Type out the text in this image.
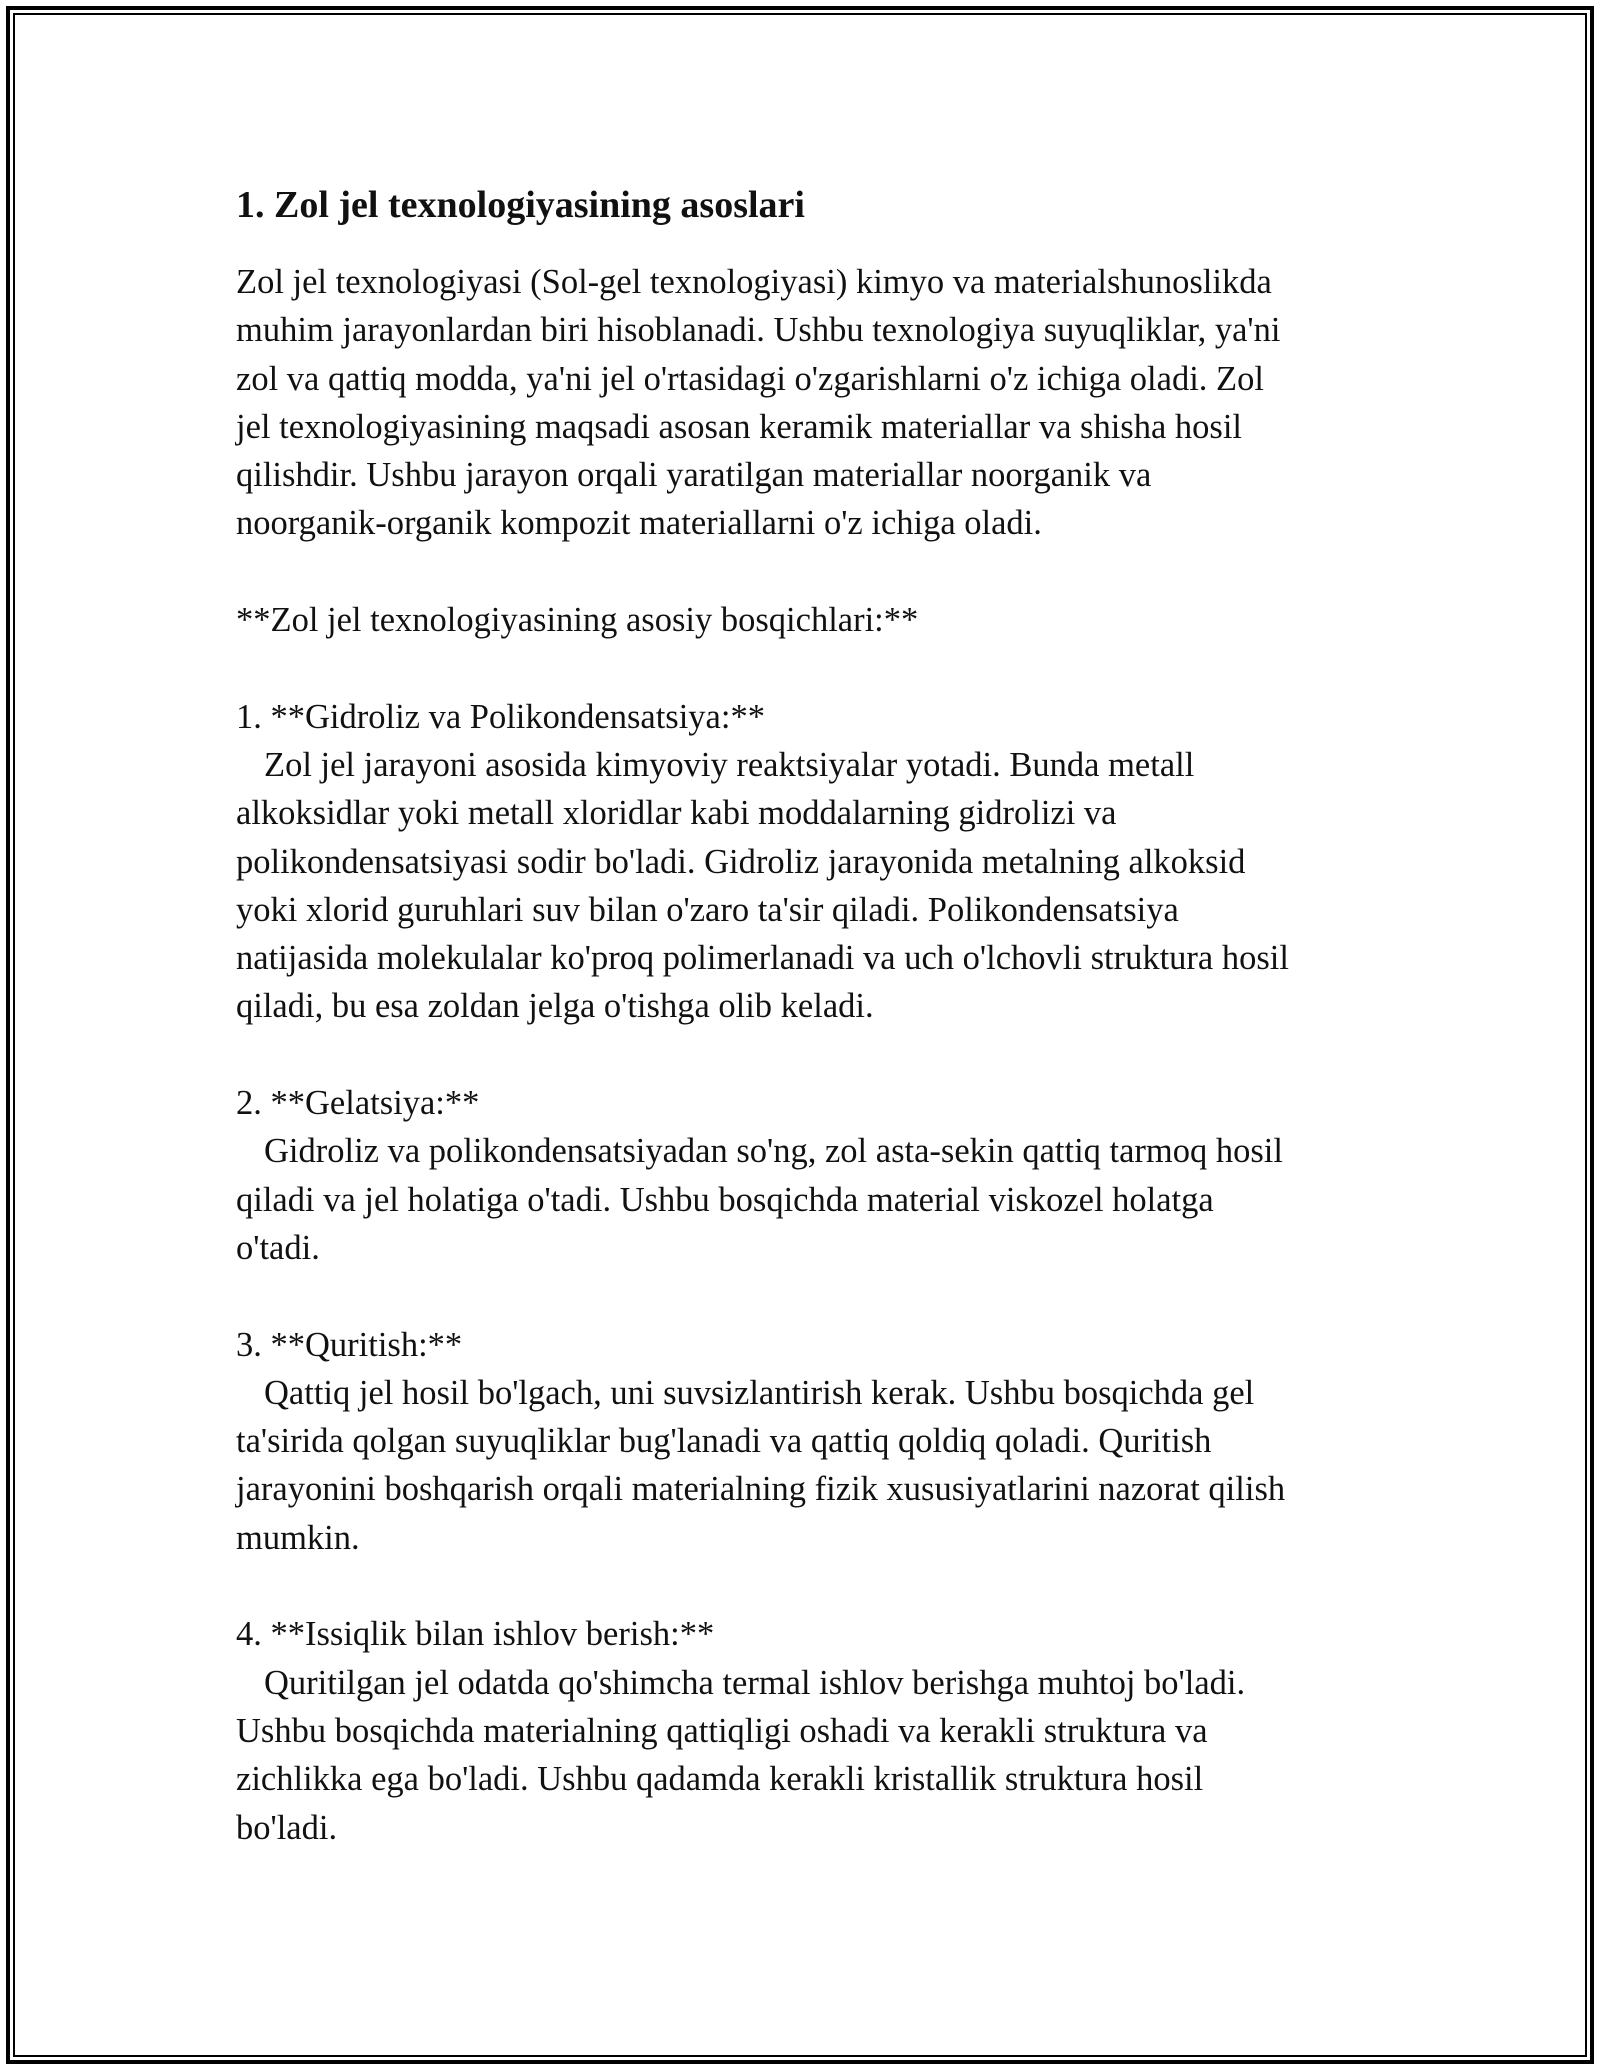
1. Zol jel texnologiyasining asoslari

Zol jel texnologiyasi (Sol-gel texnologiyasi) kimyo va materialshunoslikda
muhim jarayonlardan biri hisoblanadi. Ushbu texnologiya suyuqliklar, ya'ni
zol va qattiq modda, ya'ni jel o'rtasidagi o'zgarishlarni o'z ichiga oladi. Zol
jel texnologiyasining maqsadi asosan keramik materiallar va shisha hosil
qilishdir. Ushbu jarayon orqali yaratilgan materiallar noorganik va
noorganik-organik kompozit materiallarni o'z ichiga oladi.

**Zol jel texnologiyasining asosiy bosqichlari:**

1. **Gidroliz va Polikondensatsiya:**

Zol jel jarayoni asosida kimyoviy reaktsiyalar yotadi. Bunda metall
alkoksidlar yoki metall xloridlar kabi moddalarning gidrolizi va
polikondensatsiyasi sodir bo'ladi. Gidroliz jarayonida metalning alkoksid
yoki xlorid guruhlari suv bilan o'zaro ta'sir qiladi. Polikondensatsiya
natijasida molekulalar ko'proq polimerlanadi va uch o'lchovli struktura hosil
qiladi, bu esa zoldan jelga o'tishga olib keladi.

2. **Gelatsiya:**

Gidroliz va polikondensatsiyadan so'ng, zol asta-sekin qattiq tarmoq hosil
qiladi va jel holatiga o'tadi. Ushbu bosqichda material viskozel holatga
o'tadi.

3. **Quritish:**

Qattiq jel hosil bo'lgach, uni suvsizlantirish kerak. Ushbu bosqichda gel
ta'sirida qolgan suyuqliklar bug'lanadi va qattiq qoldiq qoladi. Quritish
jarayonini boshqarish orqali materialning fizik xususiyatlarini nazorat qilish
mumkin.

4. **Issiqlik bilan ishlov berish:**

Quritilgan jel odatda qo'shimcha termal ishlov berishga muhtoj bo'ladi.
Ushbu bosqichda materialning qattiqligi oshadi va kerakli struktura va
zichlikka ega bo'ladi. Ushbu qadamda kerakli kristallik struktura hosil
bo'ladi.
